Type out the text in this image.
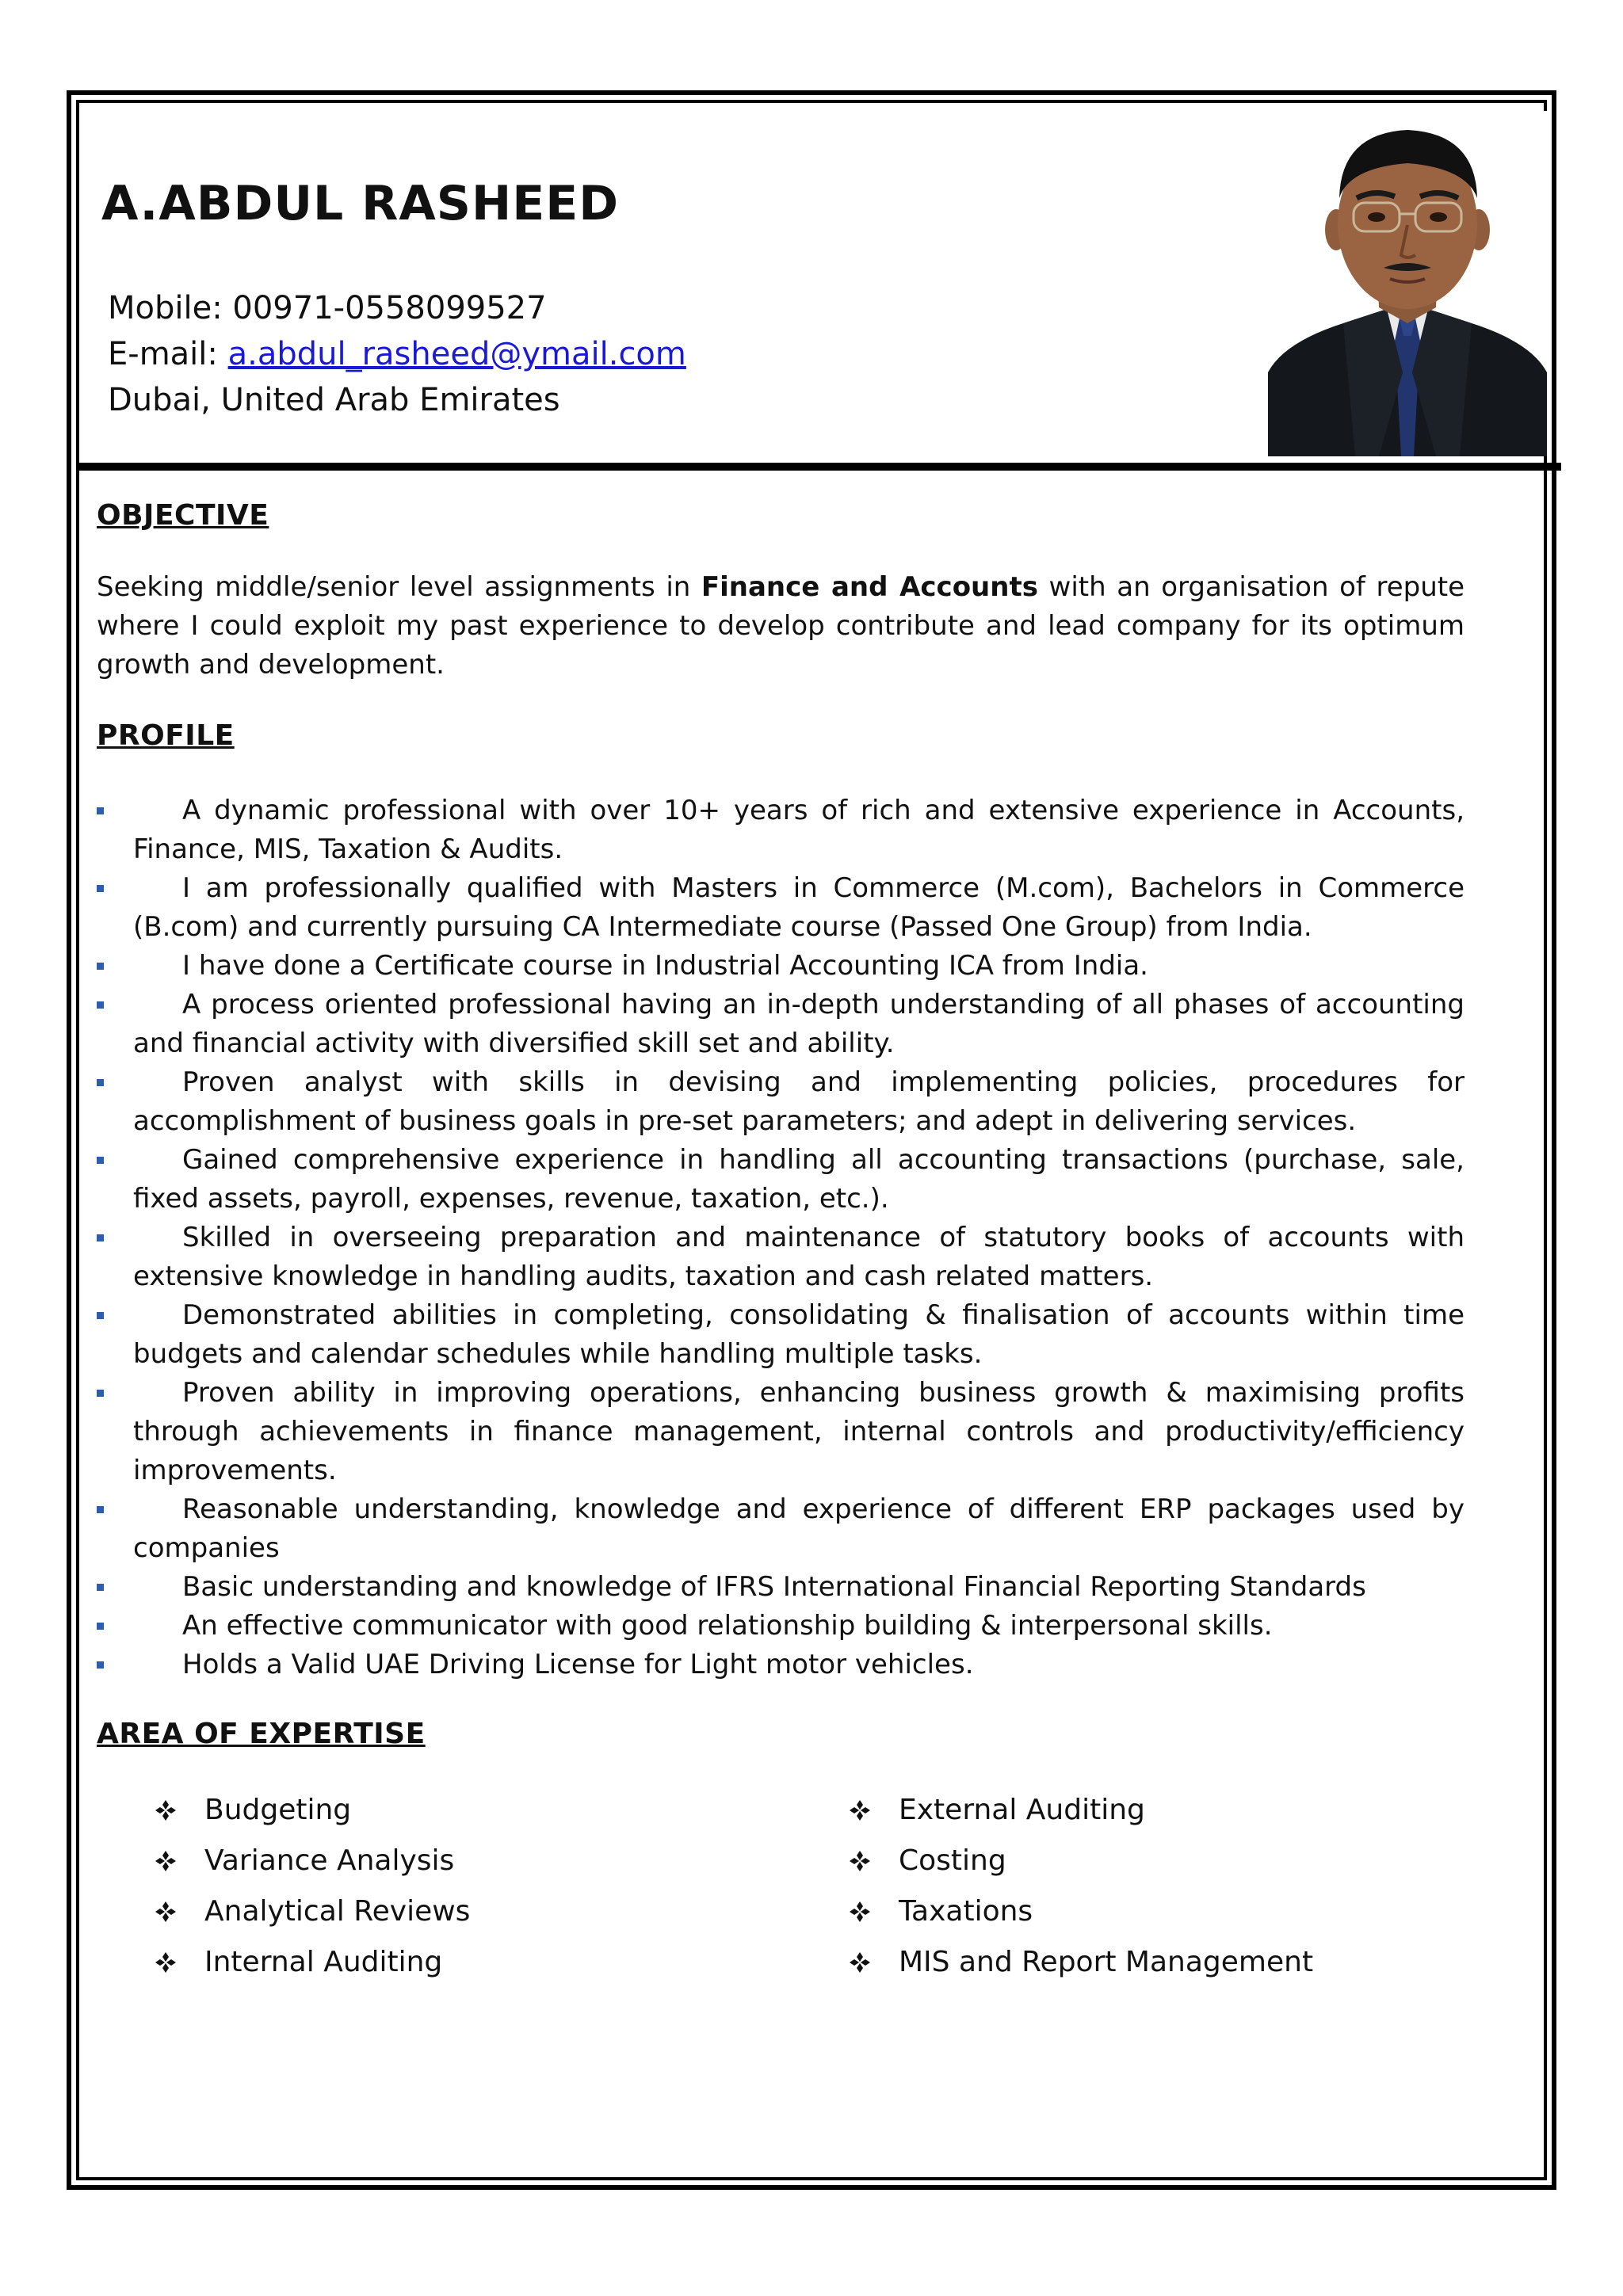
A.ABDUL RASHEED
Mobile: 00971-0558099527
E-mail: a.abdul_rasheed@ymail.com
Dubai, United Arab Emirates
OBJECTIVE

Seeking middle/senior level assignments in Finance and Accounts with an organisation of repute where I could exploit my past experience to develop contribute and lead company for its optimum growth and development.

PROFILE
A dynamic professional with over 10+ years of rich and extensive experience in Accounts, Finance, MIS, Taxation & Audits.
I am professionally qualified with Masters in Commerce (M.com), Bachelors in Commerce (B.com) and currently pursuing CA Intermediate course (Passed One Group) from India.
I have done a Certificate course in Industrial Accounting ICA from India.
A process oriented professional having an in-depth understanding of all phases of accounting and financial activity with diversified skill set and ability.
Proven analyst with skills in devising and implementing policies, procedures for accomplishment of business goals in pre-set parameters; and adept in delivering services.
Gained comprehensive experience in handling all accounting transactions (purchase, sale, fixed assets, payroll, expenses, revenue, taxation, etc.).
Skilled in overseeing preparation and maintenance of statutory books of accounts with extensive knowledge in handling audits, taxation and cash related matters.
Demonstrated abilities in completing, consolidating & finalisation of accounts within time budgets and calendar schedules while handling multiple tasks.
Proven ability in improving operations, enhancing business growth & maximising profits through achievements in finance management, internal controls and productivity/efficiency improvements.
Reasonable understanding, knowledge and experience of different ERP packages used by companies
Basic understanding and knowledge of IFRS International Financial Reporting Standards
An effective communicator with good relationship building & interpersonal skills.
Holds a Valid UAE Driving License for Light motor vehicles.
AREA OF EXPERTISE
Budgeting
Variance Analysis
Analytical Reviews
Internal Auditing
External Auditing
Costing
Taxations
MIS and Report Management
